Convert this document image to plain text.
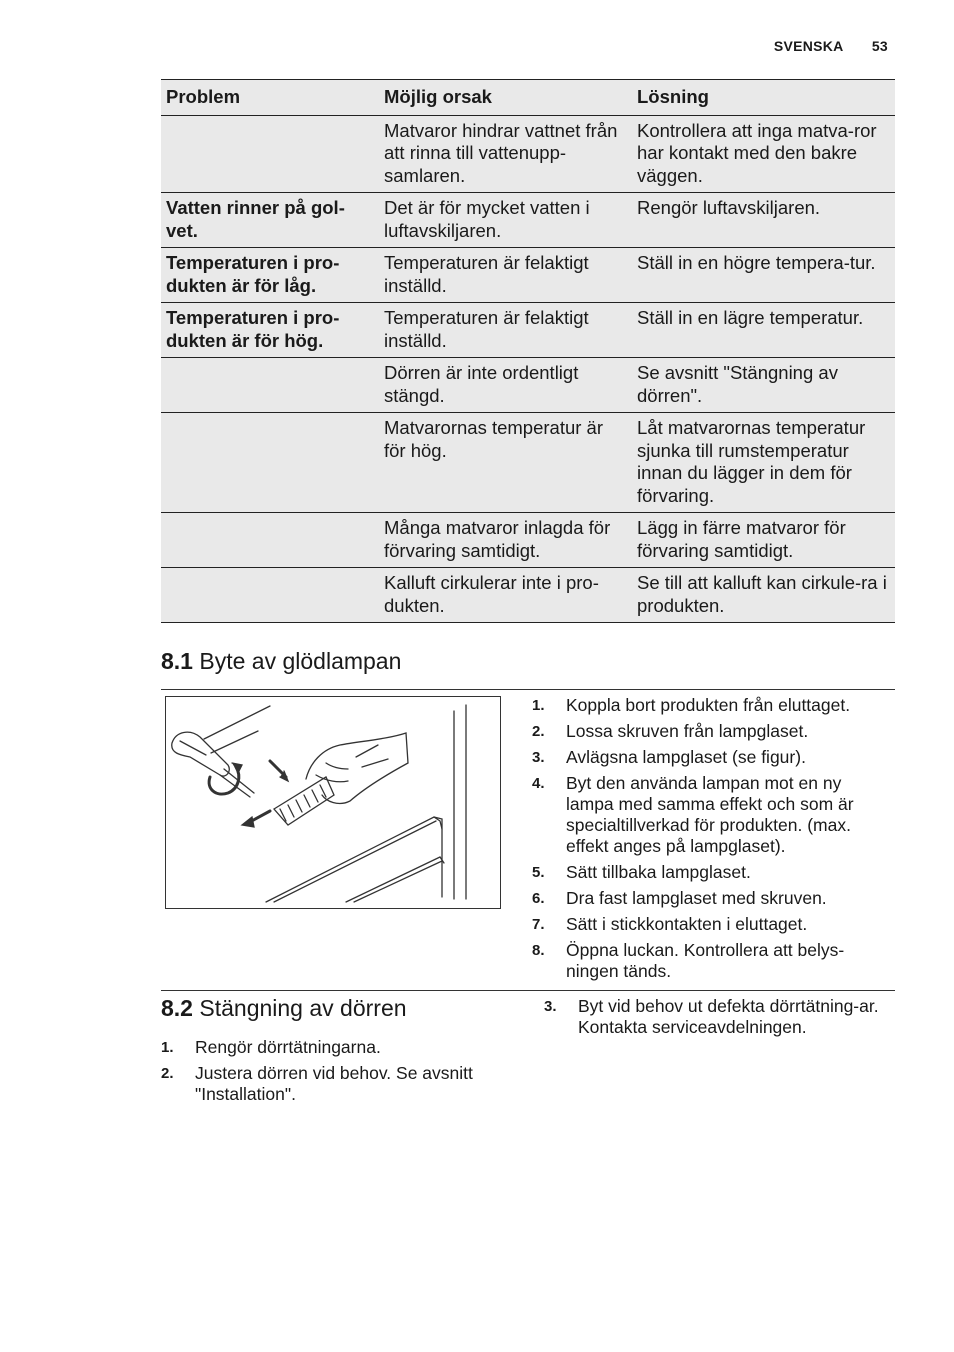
SVENSKA 53
Problem	Möjlig orsak	Lösning
	Matvaror hindrar vattnet från att rinna till vattenupp-samlaren.	Kontrollera att inga matva-ror har kontakt med den bakre väggen.
Vatten rinner på gol-vet.	Det är för mycket vatten i luftavskiljaren.	Rengör luftavskiljaren.
Temperaturen i pro-dukten är för låg.	Temperaturen är felaktigt inställd.	Ställ in en högre tempera-tur.
Temperaturen i pro-dukten är för hög.	Temperaturen är felaktigt inställd.	Ställ in en lägre temperatur.
	Dörren är inte ordentligt stängd.	Se avsnitt "Stängning av dörren".
	Matvarornas temperatur är för hög.	Låt matvarornas temperatur sjunka till rumstemperatur innan du lägger in dem för förvaring.
	Många matvaror inlagda för förvaring samtidigt.	Lägg in färre matvaror för förvaring samtidigt.
	Kalluft cirkulerar inte i pro-dukten.	Se till att kalluft kan cirkule-ra i produkten.
8.1 Byte av glödlampan
1. Koppla bort produkten från eluttaget.
2. Lossa skruven från lampglaset.
3. Avlägsna lampglaset (se figur).
4. Byt den använda lampan mot en ny lampa med samma effekt och som är specialtillverkad för produkten. (max. effekt anges på lampglaset).
5. Sätt tillbaka lampglaset.
6. Dra fast lampglaset med skruven.
7. Sätt i stickkontakten i eluttaget.
8. Öppna luckan. Kontrollera att belys-ningen tänds.
8.2 Stängning av dörren
1. Rengör dörrtätningarna.
2. Justera dörren vid behov. Se avsnitt "Installation".
3. Byt vid behov ut defekta dörrtätning-ar. Kontakta serviceavdelningen.
